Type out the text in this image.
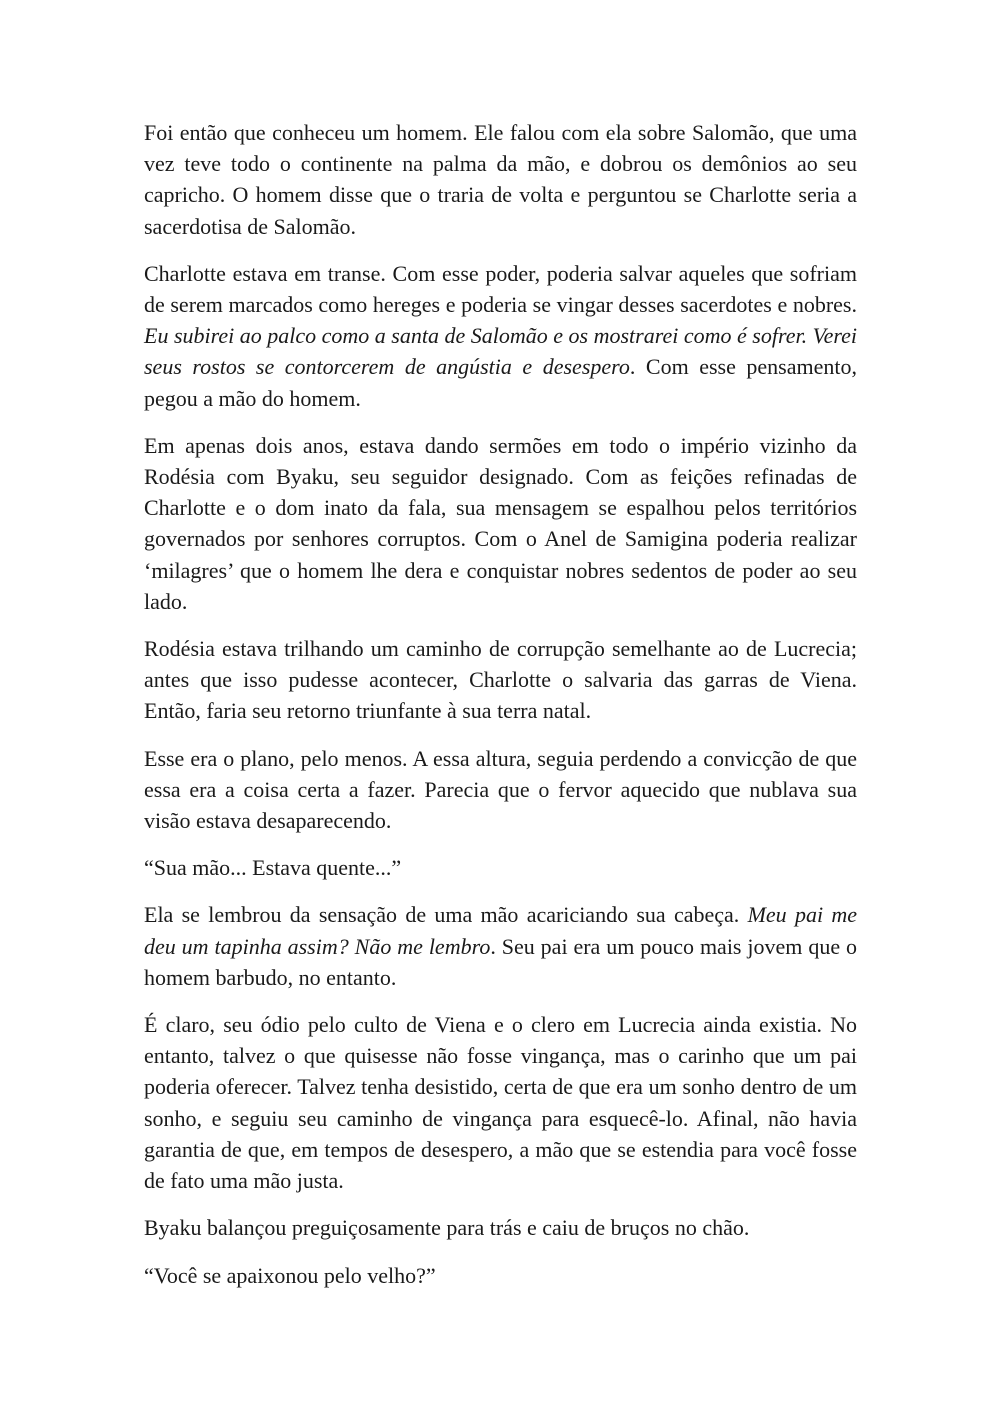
Foi então que conheceu um homem. Ele falou com ela sobre Salomão, que uma vez teve todo o continente na palma da mão, e dobrou os demônios ao seu capricho. O homem disse que o traria de volta e perguntou se Charlotte seria a sacerdotisa de Salomão.

Charlotte estava em transe. Com esse poder, poderia salvar aqueles que sofriam de serem marcados como hereges e poderia se vingar desses sacerdotes e nobres. Eu subirei ao palco como a santa de Salomão e os mostrarei como é sofrer. Verei seus rostos se contorcerem de angústia e desespero. Com esse pensamento, pegou a mão do homem.

Em apenas dois anos, estava dando sermões em todo o império vizinho da Rodésia com Byaku, seu seguidor designado. Com as feições refinadas de Charlotte e o dom inato da fala, sua mensagem se espalhou pelos territórios governados por senhores corruptos. Com o Anel de Samigina poderia realizar ‘milagres’ que o homem lhe dera e conquistar nobres sedentos de poder ao seu lado.

Rodésia estava trilhando um caminho de corrupção semelhante ao de Lucrecia; antes que isso pudesse acontecer, Charlotte o salvaria das garras de Viena. Então, faria seu retorno triunfante à sua terra natal.

Esse era o plano, pelo menos. A essa altura, seguia perdendo a convicção de que essa era a coisa certa a fazer. Parecia que o fervor aquecido que nublava sua visão estava desaparecendo.

“Sua mão... Estava quente...”

Ela se lembrou da sensação de uma mão acariciando sua cabeça. Meu pai me deu um tapinha assim? Não me lembro. Seu pai era um pouco mais jovem que o homem barbudo, no entanto.

É claro, seu ódio pelo culto de Viena e o clero em Lucrecia ainda existia. No entanto, talvez o que quisesse não fosse vingança, mas o carinho que um pai poderia oferecer. Talvez tenha desistido, certa de que era um sonho dentro de um sonho, e seguiu seu caminho de vingança para esquecê-lo. Afinal, não havia garantia de que, em tempos de desespero, a mão que se estendia para você fosse de fato uma mão justa.

Byaku balançou preguiçosamente para trás e caiu de bruços no chão.

“Você se apaixonou pelo velho?”
